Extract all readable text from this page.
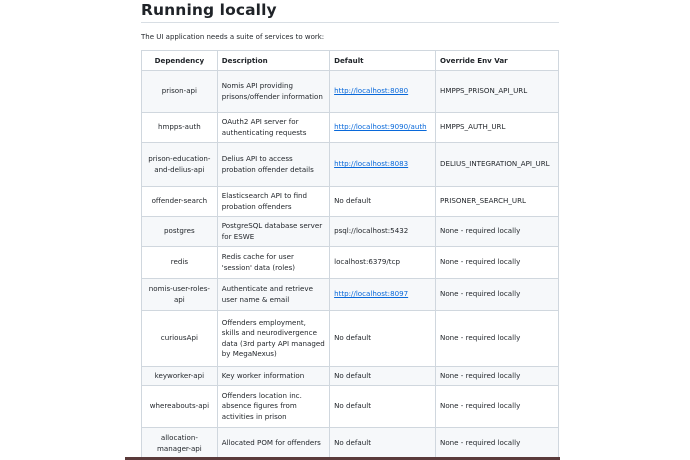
Running locally
The UI application needs a suite of services to work:
Dependency	Description	Default	Override Env Var
prison-api	Nomis API providing prisons/offender information	http://localhost:8080	HMPPS_PRISON_API_URL
hmpps-auth	OAuth2 API server for authenticating requests	http://localhost:9090/auth	HMPPS_AUTH_URL
prison-education-and-delius-api	Delius API to access probation offender details	http://localhost:8083	DELIUS_INTEGRATION_API_URL
offender-search	Elasticsearch API to find probation offenders	No default	PRISONER_SEARCH_URL
postgres	PostgreSQL database server for ESWE	psql://localhost:5432	None - required locally
redis	Redis cache for user 'session' data (roles)	localhost:6379/tcp	None - required locally
nomis-user-roles-api	Authenticate and retrieve user name & email	http://localhost:8097	None - required locally
curiousApi	Offenders employment, skills and neurodivergence data (3rd party API managed by MegaNexus)	No default	None - required locally
keyworker-api	Key worker information	No default	None - required locally
whereabouts-api	Offenders location inc. absence figures from activities in prison	No default	None - required locally
allocation-manager-api	Allocated POM for offenders	No default	None - required locally
